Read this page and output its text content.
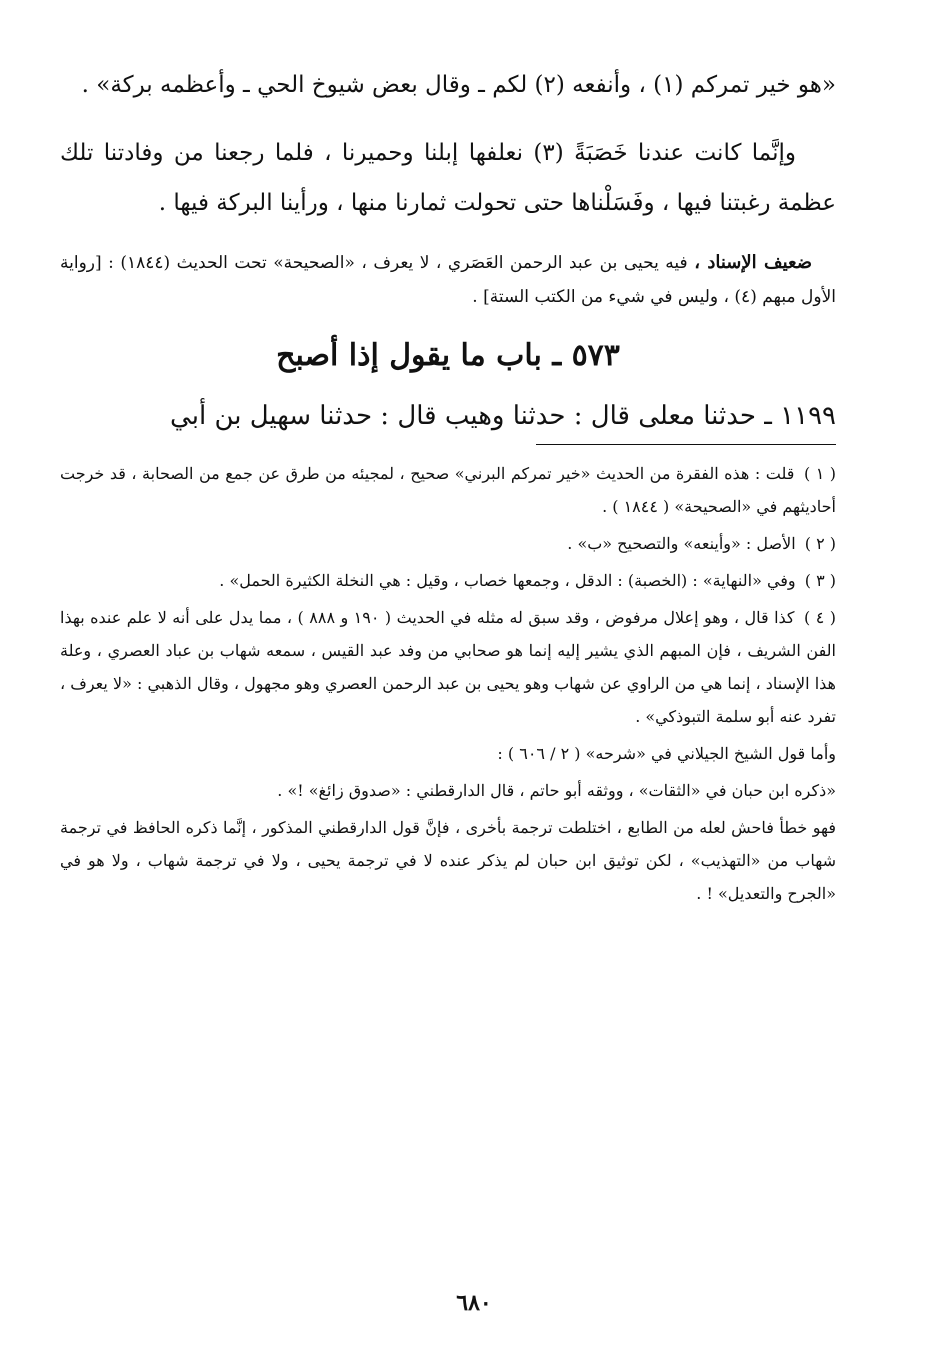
«هو خير تمركم (١) ، وأنفعه (٢) لكم ـ وقال بعض شيوخ الحي ـ وأعظمه بركة» .

وإنَّما كانت عندنا خَصَبَةً (٣) نعلفها إبلنا وحميرنا ، فلما رجعنا من وفادتنا تلك عظمة رغبتنا فيها ، وفَسَلْناها حتى تحولت ثمارنا منها ، ورأينا البركة فيها .

ضعيف الإسناد ، فيه يحيى بن عبد الرحمن العَصَري ، لا يعرف ، «الصحيحة» تحت الحديث (١٨٤٤) : [رواية الأول مبهم (٤) ، وليس في شيء من الكتب الستة] .

٥٧٣ ـ باب ما يقول إذا أصبح

١١٩٩ ـ حدثنا معلى قال : حدثنا وهيب قال : حدثنا سهيل بن أبي

( ١ ) قلت : هذه الفقرة من الحديث «خير تمركم البرني» صحيح ، لمجيئه من طرق عن جمع من الصحابة ، قد خرجت أحاديثهم في «الصحيحة» ( ١٨٤٤ ) .

( ٢ ) الأصل : «وأينعه» والتصحيح «ب» .

( ٣ ) وفي «النهاية» : (الخصبة) : الدقل ، وجمعها خصاب ، وقيل : هي النخلة الكثيرة الحمل» .

( ٤ ) كذا قال ، وهو إعلال مرفوض ، وقد سبق له مثله في الحديث ( ١٩٠ و ٨٨٨ ) ، مما يدل على أنه لا علم عنده بهذا الفن الشريف ، فإن المبهم الذي يشير إليه إنما هو صحابي من وفد عبد القيس ، سمعه شهاب بن عباد العصري ، وعلة هذا الإسناد ، إنما هي من الراوي عن شهاب وهو يحيى بن عبد الرحمن العصري وهو مجهول ، وقال الذهبي : «لا يعرف ، تفرد عنه أبو سلمة التبوذكي» .

وأما قول الشيخ الجيلاني في «شرحه» ( ٢ / ٦٠٦ ) :

«ذكره ابن حبان في «الثقات» ، ووثقه أبو حاتم ، قال الدارقطني : «صدوق زائغ» !» .

فهو خطأ فاحش لعله من الطابع ، اختلطت ترجمة بأخرى ، فإنَّ قول الدارقطني المذكور ، إنَّما ذكره الحافظ في ترجمة شهاب من «التهذيب» ، لكن توثيق ابن حبان لم يذكر عنده لا في ترجمة يحيى ، ولا في ترجمة شهاب ، ولا هو في «الجرح والتعديل» ! .

٦٨٠
